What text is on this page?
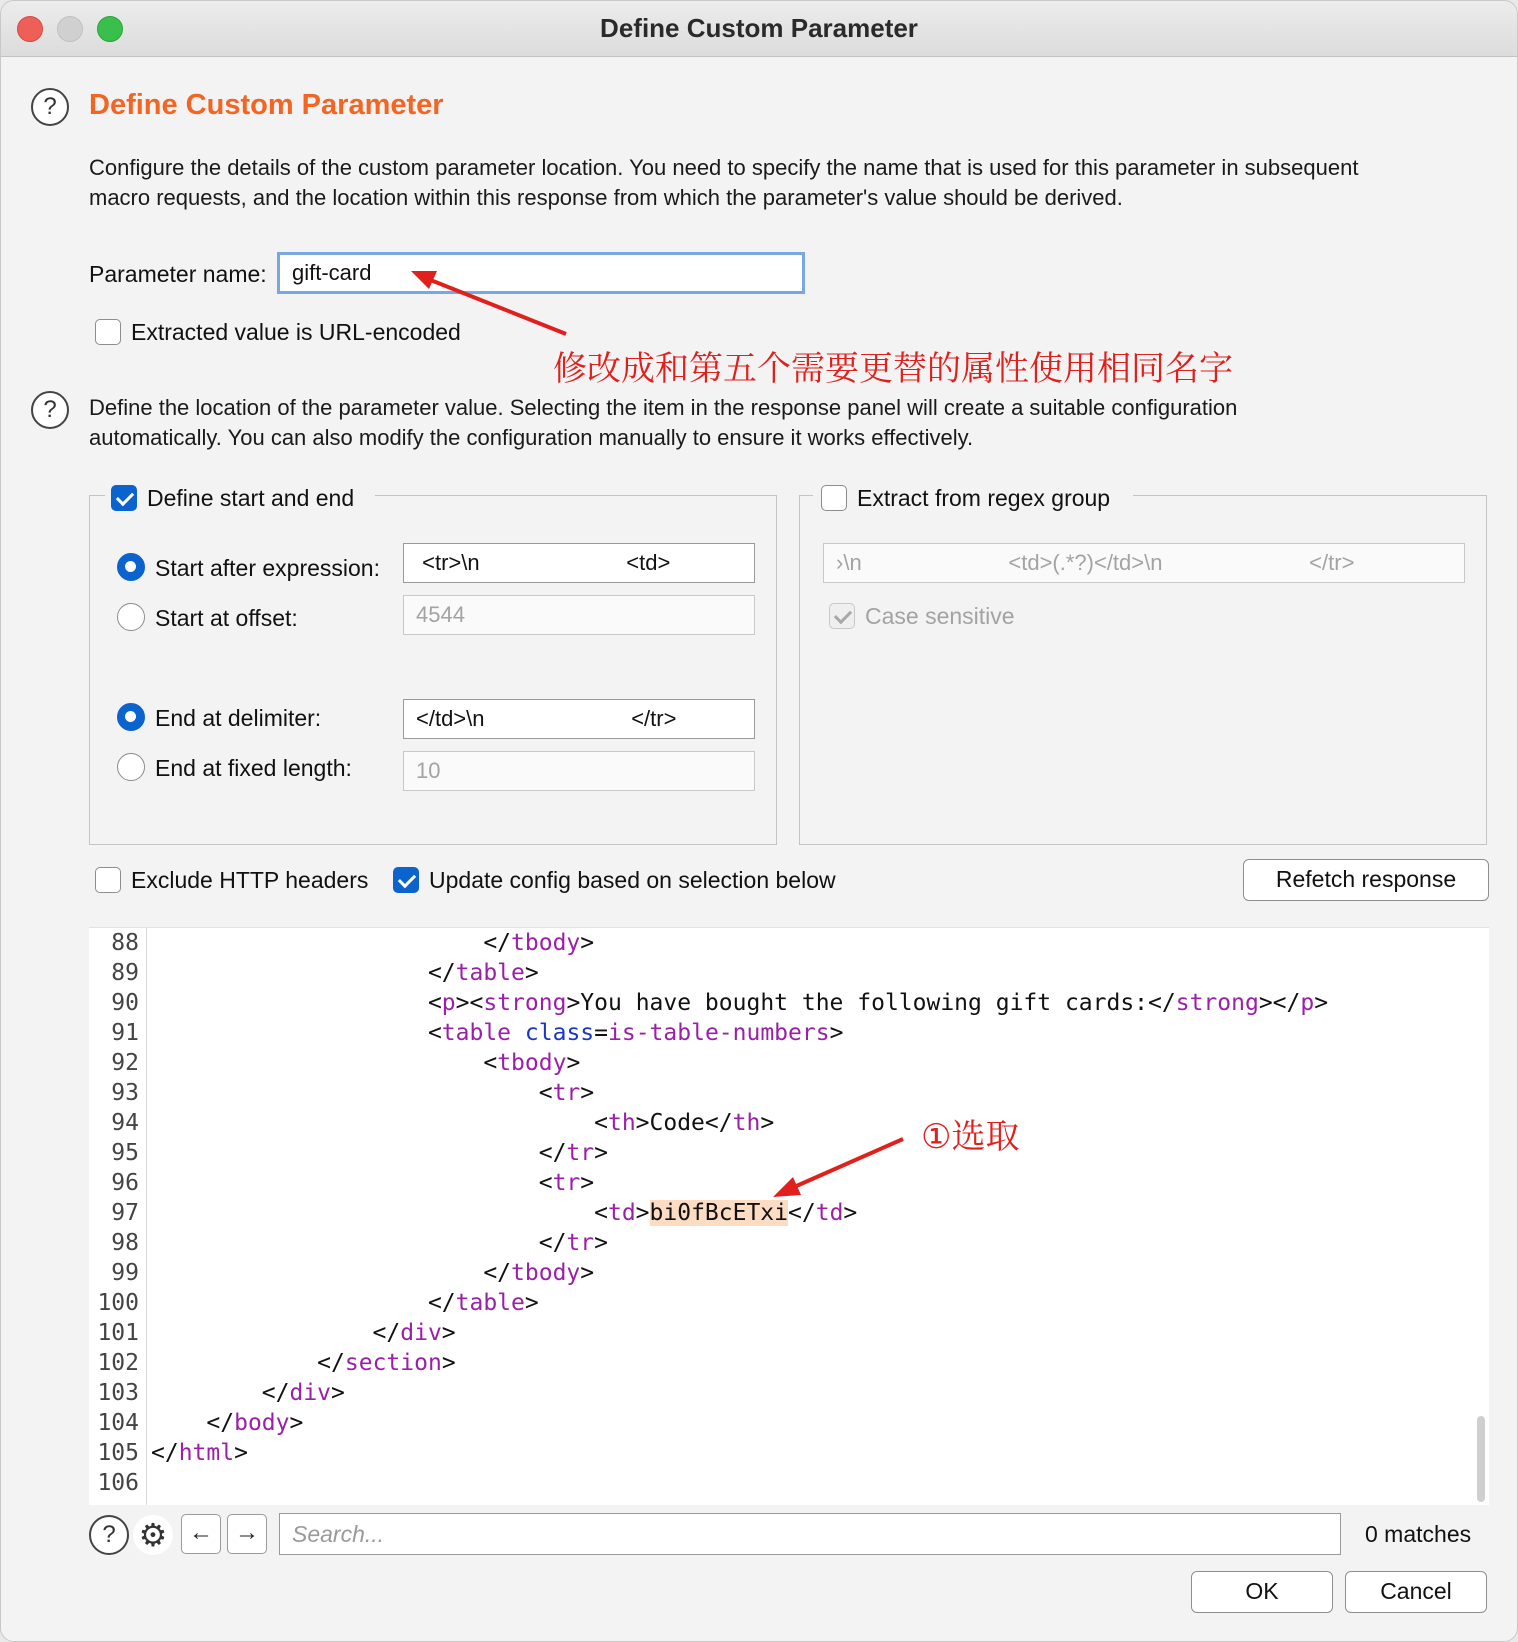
Define Custom Parameter
?	Define Custom Parameter
Configure the details of the custom parameter location. You need to specify the name that is used for this parameter in subsequent
macro requests, and the location within this response from which the parameter's value should be derived.
Parameter name:	gift-card
Extracted value is URL-encoded
修改成和第五个需要更替的属性使用相同名字
?	Define the location of the parameter value. Selecting the item in the response panel will create a suitable configuration
automatically. You can also modify the configuration manually to ensure it works effectively.
Define start and end
Start after expression:	<tr>\n                        <td>
Start at offset:	4544
End at delimiter:	</td>\n                        </tr>
End at fixed length:	10
Extract from regex group
›\n                        <td>(.*?)</td>\n                        </tr>
Case sensitive
Exclude HTTP headers	Update config based on selection below	Refetch response
88 </tbody>
89 </table>
90 <p><strong>You have bought the following gift cards:</strong></p>
91 <table class=is-table-numbers>
92 <tbody>
93 <tr>
94 <th>Code</th>
95 </tr>
96 <tr>
97 <td>bi0fBcETxi</td>
98 </tr>
99 </tbody>
100 </table>
101 </div>
102 </section>
103 </div>
104 </body>
105 </html>
106
①选取
? ⚙ ← →	Search...	0 matches
OK	Cancel
